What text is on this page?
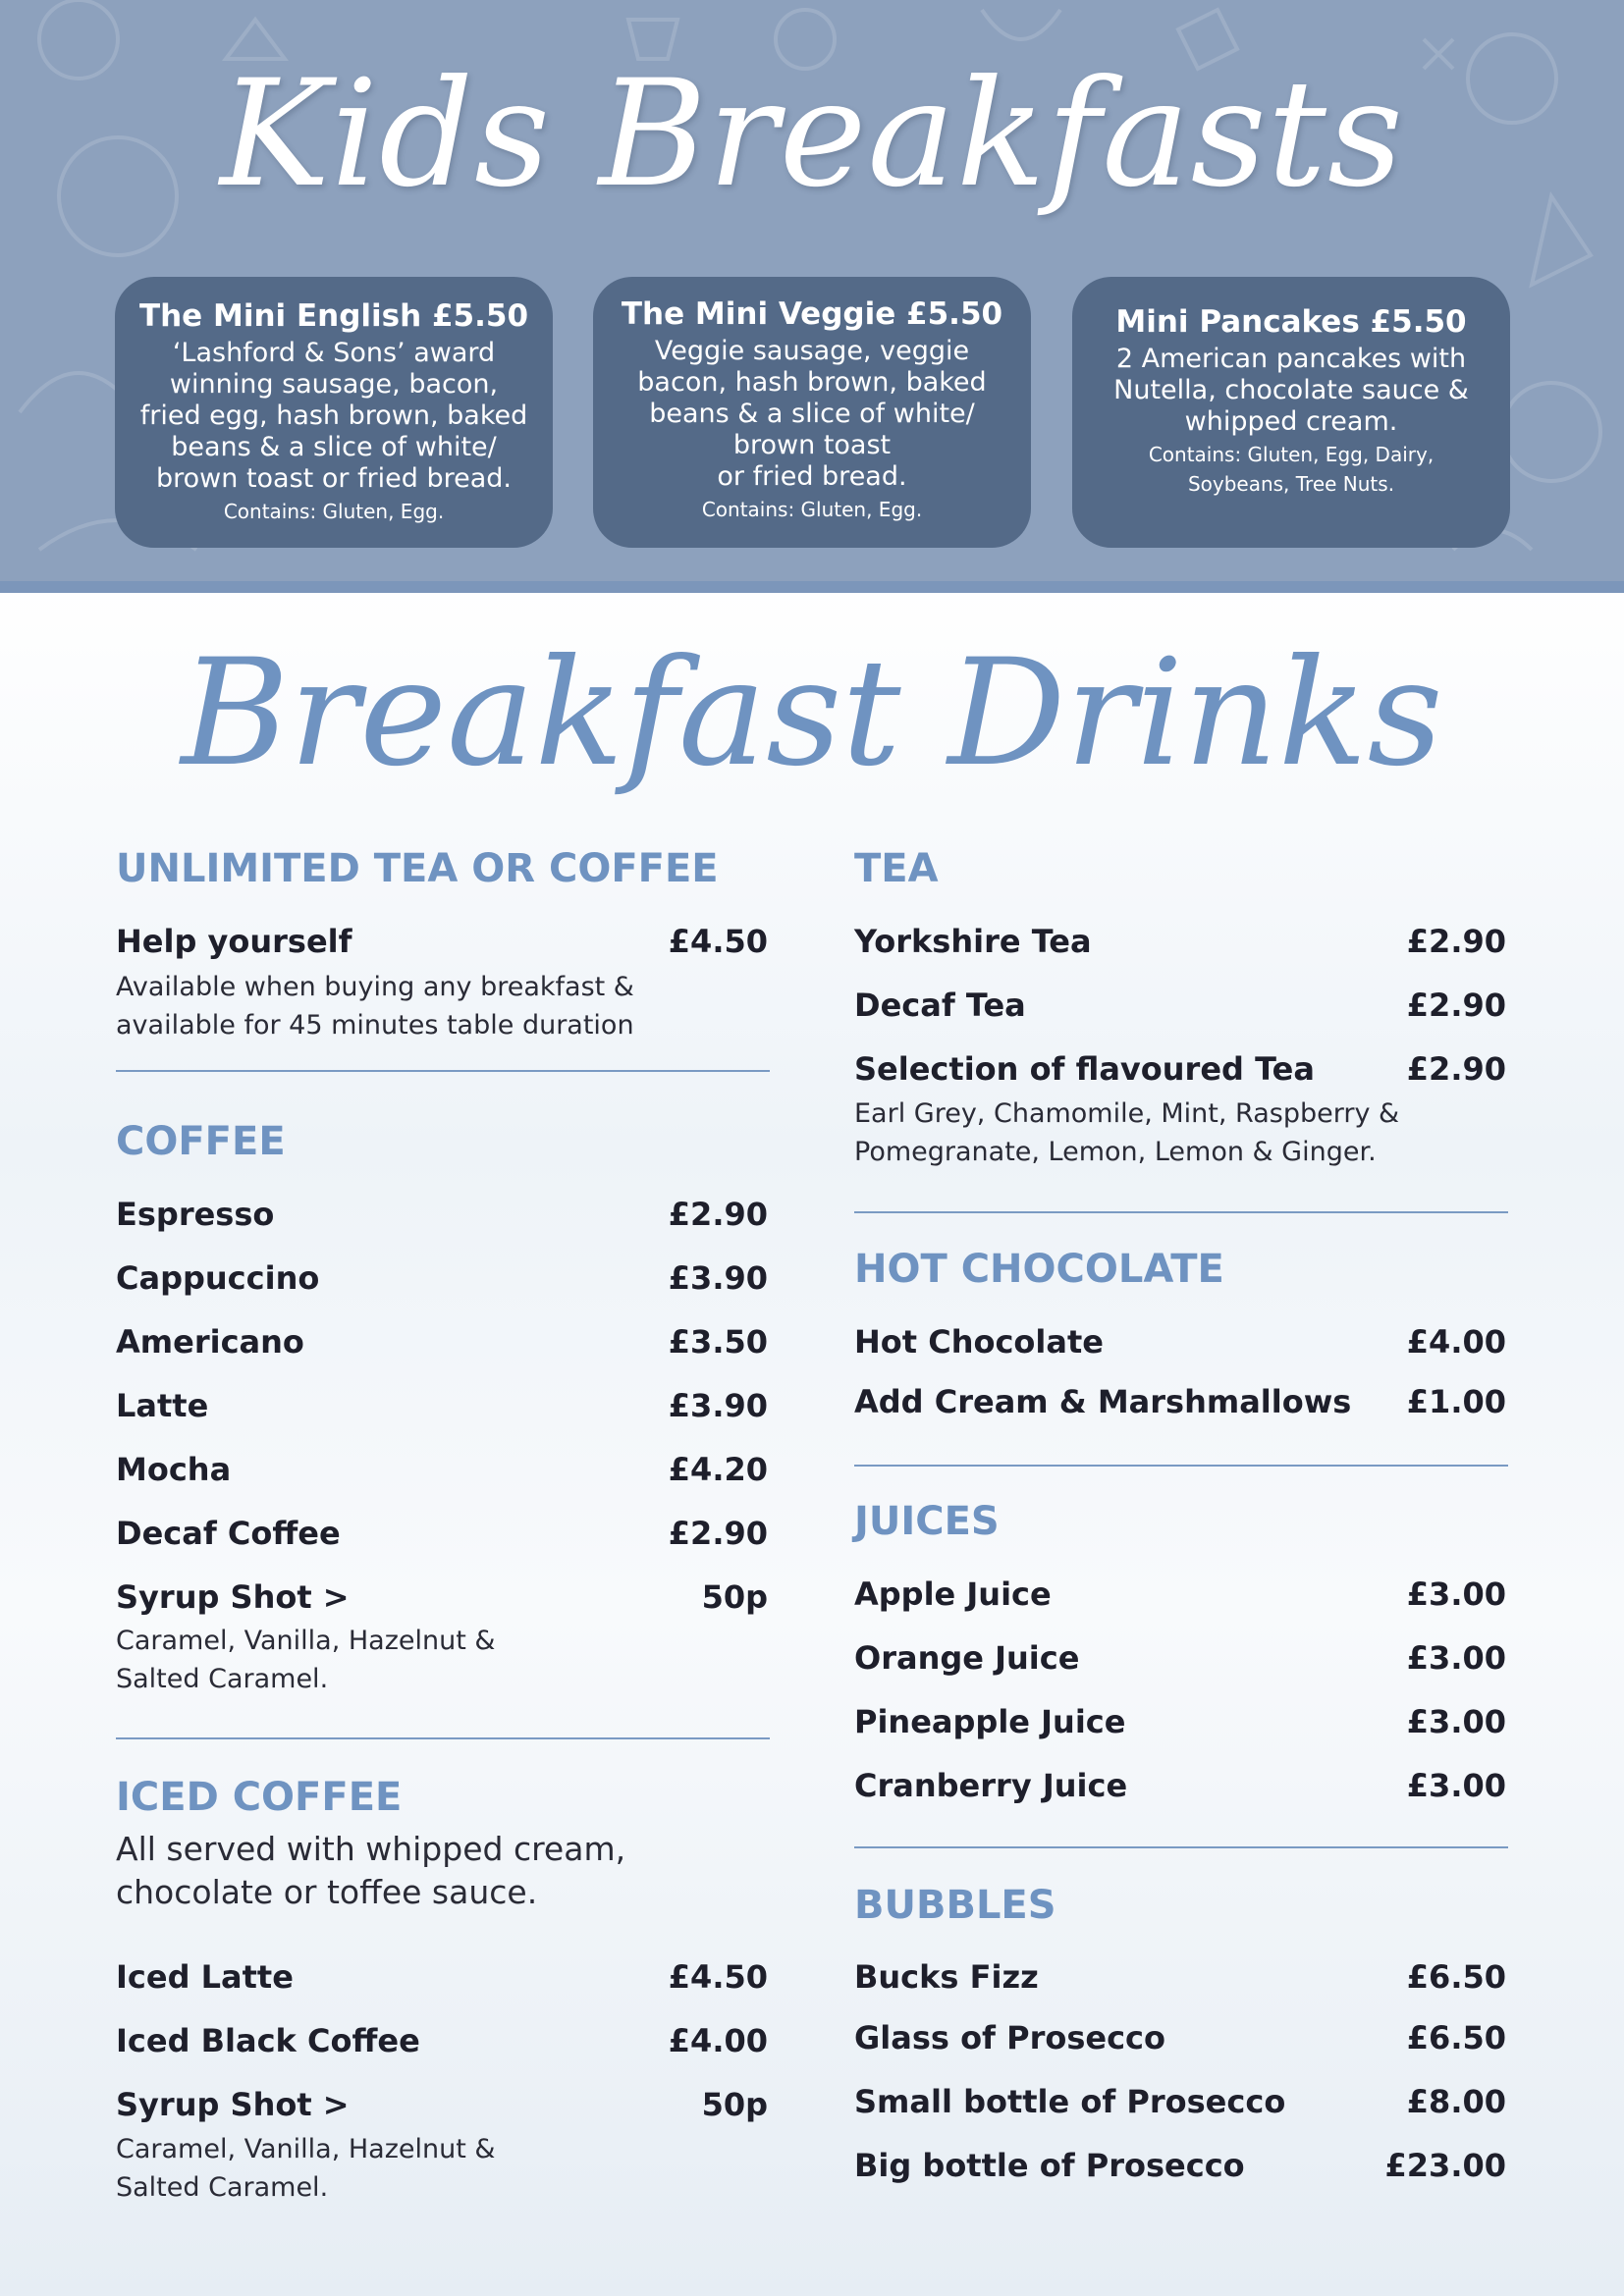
Kids Breakfasts
The Mini English £5.50
‘Lashford & Sons’ award
winning sausage, bacon,
fried egg, hash brown, baked
beans & a slice of white/
brown toast or fried bread.
Contains: Gluten, Egg.
The Mini Veggie £5.50
Veggie sausage, veggie
bacon, hash brown, baked
beans & a slice of white/
brown toast
or fried bread.
Contains: Gluten, Egg.
Mini Pancakes £5.50
2 American pancakes with
Nutella, chocolate sauce &
whipped cream.
Contains: Gluten, Egg, Dairy,
Soybeans, Tree Nuts.
Breakfast Drinks
UNLIMITED TEA OR COFFEE
Help yourself	£4.50
Available when buying any breakfast &
available for 45 minutes table duration
COFFEE
Espresso	£2.90
Cappuccino	£3.90
Americano	£3.50
Latte	£3.90
Mocha	£4.20
Decaf Coffee	£2.90
Syrup Shot >	50p
Caramel, Vanilla, Hazelnut &
Salted Caramel.
ICED COFFEE
All served with whipped cream,
chocolate or toffee sauce.
Iced Latte	£4.50
Iced Black Coffee	£4.00
Syrup Shot >	50p
Caramel, Vanilla, Hazelnut &
Salted Caramel.
TEA
Yorkshire Tea	£2.90
Decaf Tea	£2.90
Selection of flavoured Tea	£2.90
Earl Grey, Chamomile, Mint, Raspberry &
Pomegranate, Lemon, Lemon & Ginger.
HOT CHOCOLATE
Hot Chocolate	£4.00
Add Cream & Marshmallows £1.00
JUICES
Apple Juice	£3.00
Orange Juice	£3.00
Pineapple Juice	£3.00
Cranberry Juice	£3.00
BUBBLES
Bucks Fizz	£6.50
Glass of Prosecco	£6.50
Small bottle of Prosecco	£8.00
Big bottle of Prosecco	£23.00
